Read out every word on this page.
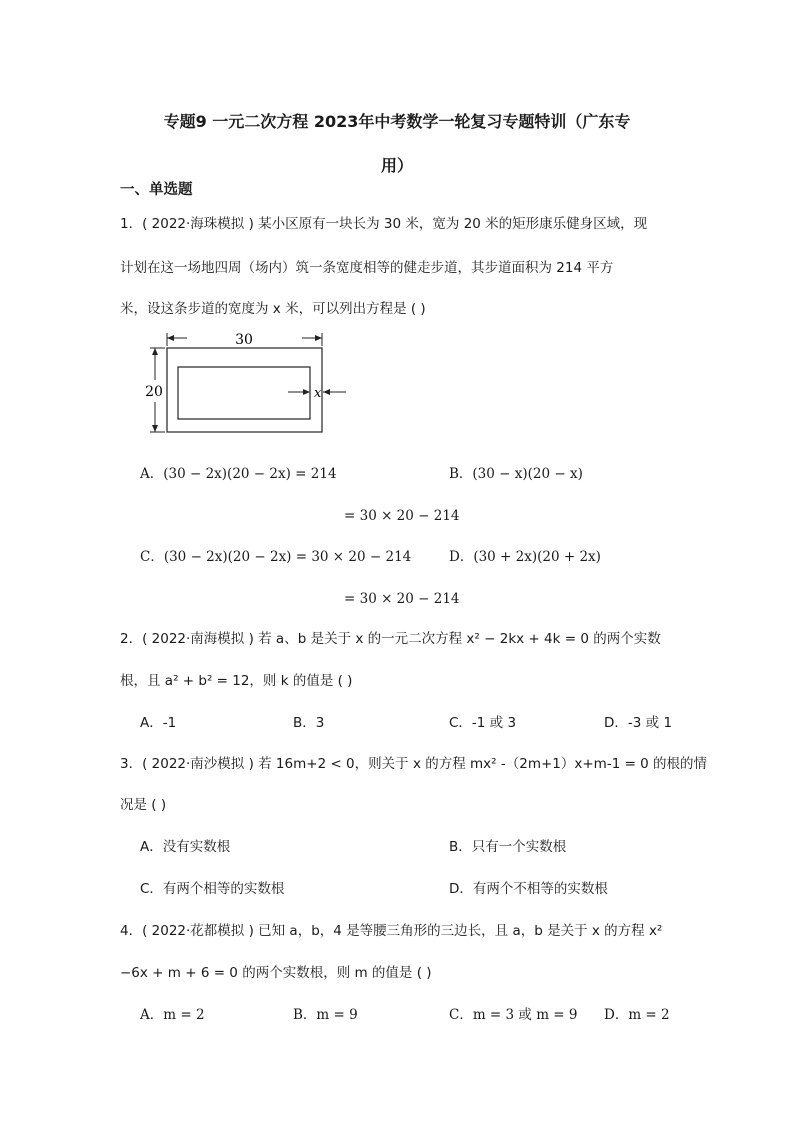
专题9 一元二次方程 2023年中考数学一轮复习专题特训（广东专
用）
一、单选题
1．( 2022·海珠模拟 ) 某小区原有一块长为 30 米，宽为 20 米的矩形康乐健身区域，现
计划在这一场地四周（场内）筑一条宽度相等的健走步道，其步道面积为 214 平方
米，设这条步道的宽度为 x 米，可以列出方程是 ( )
30
20	x
A．(30 − 2x)(20 − 2x) = 214	B．(30 − x)(20 − x)
= 30 × 20 − 214
C．(30 − 2x)(20 − 2x) = 30 × 20 − 214	D．(30 + 2x)(20 + 2x)
= 30 × 20 − 214
2．( 2022·南海模拟 ) 若 a、b 是关于 x 的一元二次方程 x² − 2kx + 4k = 0 的两个实数
根，且 a² + b² = 12，则 k 的值是 ( )
A．-1	B．3	C．-1 或 3	D．-3 或 1
3．( 2022·南沙模拟 ) 若 16m+2 < 0，则关于 x 的方程 mx² -（2m+1）x+m-1 = 0 的根的情
况是 ( )
A．没有实数根	B．只有一个实数根
C．有两个相等的实数根	D．有两个不相等的实数根
4．( 2022·花都模拟 ) 已知 a，b，4 是等腰三角形的三边长，且 a，b 是关于 x 的方程 x²
−6x + m + 6 = 0 的两个实数根，则 m 的值是 ( )
A．m = 2	B．m = 9	C．m = 3 或 m = 9 D．m = 2
